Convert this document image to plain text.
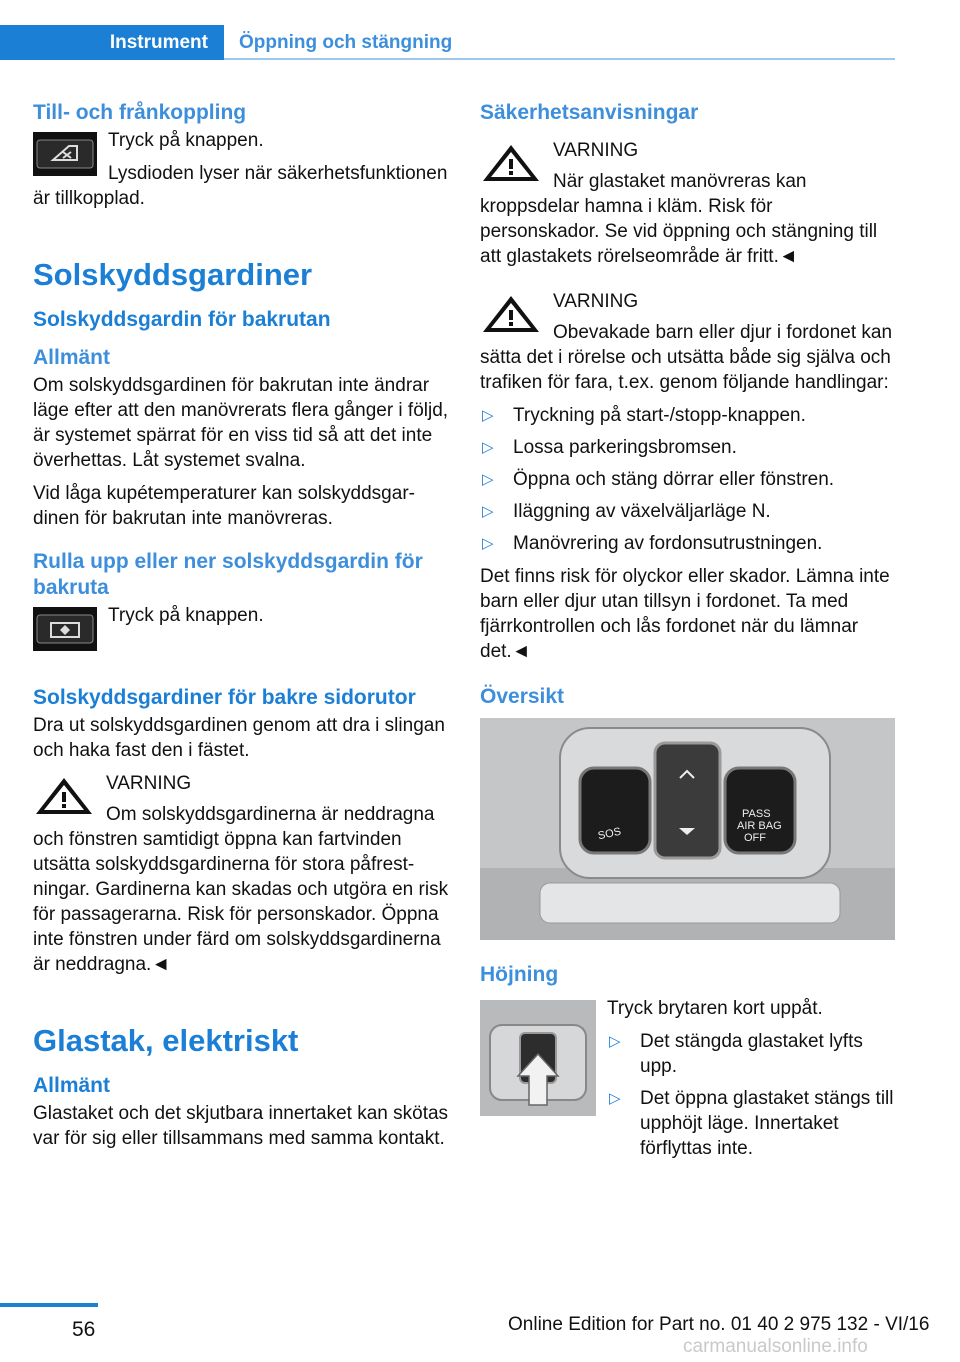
Instrument	Öppning och stängning
Till- och frånkoppling

Tryck på knappen.

Lysdioden lyser när säkerhetsfunktionen är tillkopplad.

Solskyddsgardiner
Solskyddsgardin för bakrutan
Allmänt

Om solskyddsgardinen för bakrutan inte ändrar läge efter att den manövrerats flera gånger i följd, är systemet spärrat för en viss tid så att det inte överhettas. Låt systemet svalna.

Vid låga kupétemperaturer kan solskyddsgardinen för bakrutan inte manövreras.

Rulla upp eller ner solskyddsgardin för bakruta

Tryck på knappen.

Solskyddsgardiner för bakre sidorutor

Dra ut solskyddsgardinen genom att dra i slingan och haka fast den i fästet.

VARNING

Om solskyddsgardinerna är neddragna och fönstren samtidigt öppna kan fartvinden utsätta solskyddsgardinerna för stora påfrestningar. Gardinerna kan skadas och utgöra en risk för passagerarna. Risk för personskador. Öppna inte fönstren under färd om solskyddsgardinerna är neddragna.◄

Glastak, elektriskt
Allmänt

Glastaket och det skjutbara innertaket kan skötas var för sig eller tillsammans med samma kontakt.

Säkerhetsanvisningar

VARNING

När glastaket manövreras kan kroppsdelar hamna i kläm. Risk för personskador. Se vid öppning och stängning till att glastakets rörelseområde är fritt.◄

VARNING

Obevakade barn eller djur i fordonet kan sätta det i rörelse och utsätta både sig själva och trafiken för fara, t.ex. genom följande handlingar:

▷ Tryckning på start-/stopp-knappen.
▷ Lossa parkeringsbromsen.
▷ Öppna och stäng dörrar eller fönstren.
▷ Iläggning av växelväljarläge N.
▷ Manövrering av fordonsutrustningen.

Det finns risk för olyckor eller skador. Lämna inte barn eller djur utan tillsyn i fordonet. Ta med fjärrkontrollen och lås fordonet när du lämnar det.◄

Översikt
SOS
PASS
AIR BAG
OFF
Höjning

Tryck brytaren kort uppåt.

▷ Det stängda glastaket lyfts upp.
▷ Det öppna glastaket stängs till upphöjt läge. Innertaket förflyttas inte.
56	Online Edition for Part no. 01 40 2 975 132 - VI/16
carmanualsonline.info
